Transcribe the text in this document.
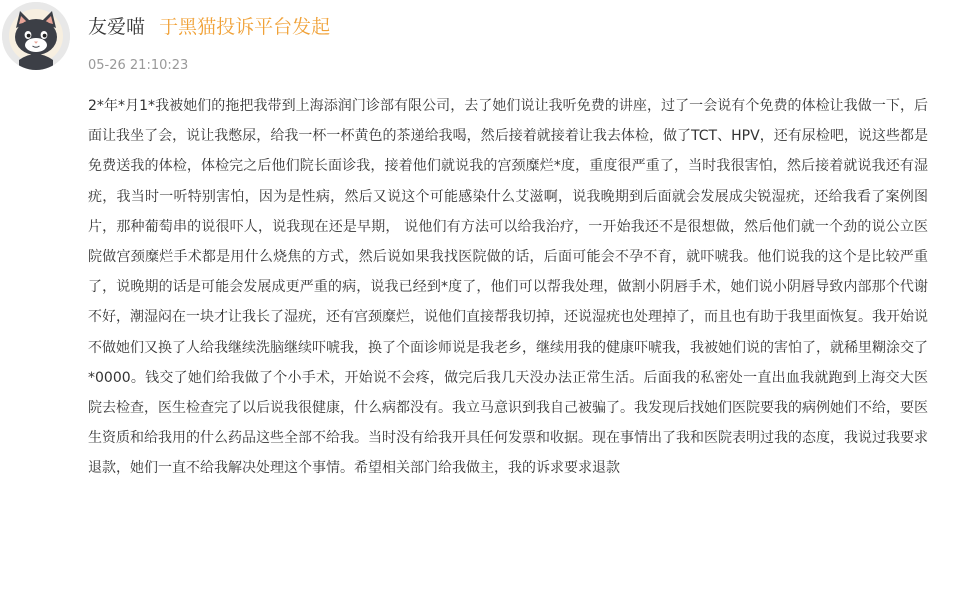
友爱喵 于黑猫投诉平台发起
05-26 21:10:23

2*年*月1*我被她们的拖把我带到上海添润门诊部有限公司，去了她们说让我听免费的讲座，过了一会说有个免费的体检让我做一下，后面让我坐了会，说让我憋尿，给我一杯一杯黄色的茶递给我喝，然后接着就接着让我去体检，做了TCT、HPV，还有尿检吧，说这些都是免费送我的体检，体检完之后他们院长面诊我，接着他们就说我的宫颈糜烂*度，重度很严重了，当时我很害怕，然后接着就说我还有湿疣，我当时一听特别害怕，因为是性病，然后又说这个可能感染什么艾滋啊，说我晚期到后面就会发展成尖锐湿疣，还给我看了案例图片，那种葡萄串的说很吓人，说我现在还是早期， 说他们有方法可以给我治疗，一开始我还不是很想做，然后他们就一个劲的说公立医院做宫颈糜烂手术都是用什么烧焦的方式，然后说如果我找医院做的话，后面可能会不孕不育，就吓唬我。他们说我的这个是比较严重了，说晚期的话是可能会发展成更严重的病，说我已经到*度了，他们可以帮我处理，做割小阴唇手术，她们说小阴唇导致内部那个代谢不好，潮湿闷在一块才让我长了湿疣，还有宫颈糜烂，说他们直接帮我切掉，还说湿疣也处理掉了，而且也有助于我里面恢复。我开始说不做她们又换了人给我继续洗脑继续吓唬我，换了个面诊师说是我老乡，继续用我的健康吓唬我，我被她们说的害怕了，就稀里糊涂交了*0000。钱交了她们给我做了个小手术，开始说不会疼，做完后我几天没办法正常生活。后面我的私密处一直出血我就跑到上海交大医院去检查，医生检查完了以后说我很健康，什么病都没有。我立马意识到我自己被骗了。我发现后找她们医院要我的病例她们不给，要医生资质和给我用的什么药品这些全部不给我。当时没有给我开具任何发票和收据。现在事情出了我和医院表明过我的态度，我说过我要求退款，她们一直不给我解决处理这个事情。希望相关部门给我做主，我的诉求要求退款
